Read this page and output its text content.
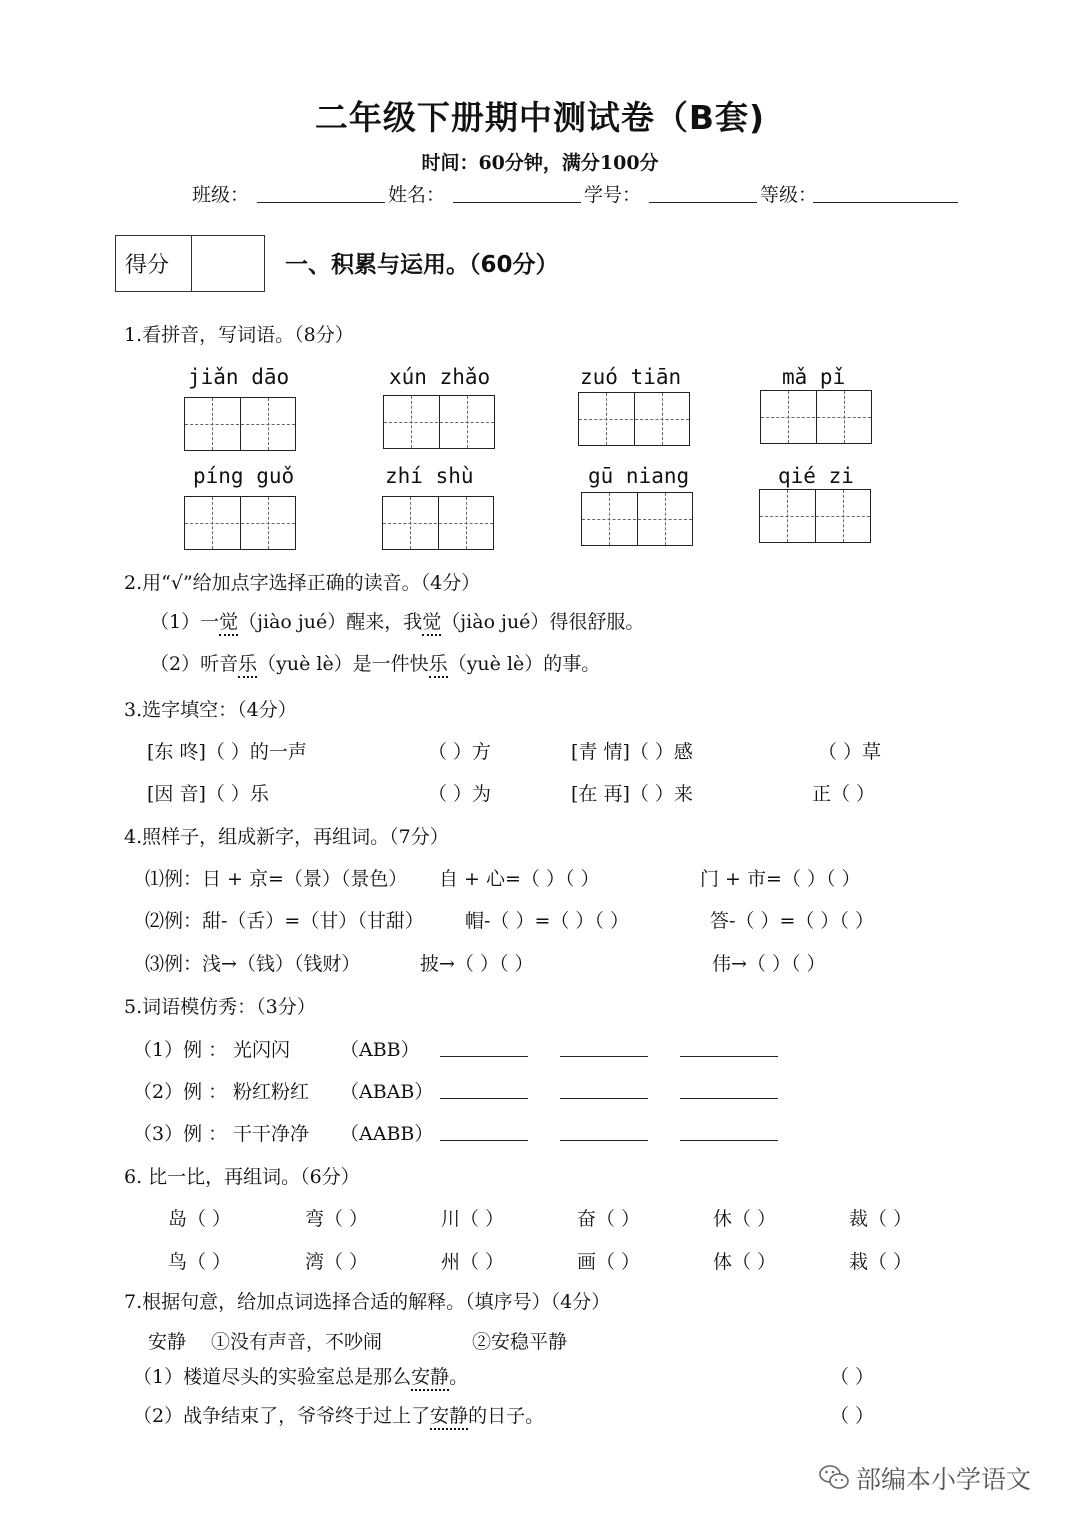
二年级下册期中测试卷（B套)
时间：60分钟，满分100分
班级：	姓名：	学号：	等级：
得分	一、积累与运用。（60分）
1.看拼音，写词语。（8分）
jiǎn dāo	xún zhǎo	zuó tiān	mǎ pǐ
píng guǒ	zhí shù	gū niang	qié zi
2.用“√”给加点字选择正确的读音。（4分）
（1）一觉（jiào jué）醒来，我觉（jiào jué）得很舒服。
（2）听音乐（yuè lè）是一件快乐（yuè lè）的事。
3.选字填空：（4分）
[东 咚]（ ）的一声	（ ）方	[青 情]（ ）感	（ ）草
[因 音]（ ）乐	（ ）为	[在 再]（ ）来	正（ ）
4.照样子，组成新字，再组词。（7分）
⑴例：日 + 京=（景）（景色） 自 + 心=（ ）（ ）	门 + 市=（ ）（ ）
⑵例：甜-（舌）=（甘）（甘甜） 帽-（ ）=（ ）（ ）	答-（ ）=（ ）（ ）
⑶例：浅→（钱）（钱财）	披→（ ）（ ）	伟→（ ）（ ）
5.词语模仿秀：（3分）
（1）例 ： 光闪闪	（ABB）
（2）例 ： 粉红粉红 （ABAB）
（3）例 ： 干干净净 （AABB）
6. 比一比，再组词。（6分）
岛（ ）	弯（ ）	川（ ）	奋（ ）	休（ ）	裁（ ）
鸟（ ）	湾（ ）	州（ ）	画（ ）	体（ ）	栽（ ）
7.根据句意，给加点词选择合适的解释。（填序号）（4分）
安静 ①没有声音，不吵闹	②安稳平静
（1）楼道尽头的实验室总是那么安静。	（ ）
（2）战争结束了，爷爷终于过上了安静的日子。	（ ）
部编本小学语文
